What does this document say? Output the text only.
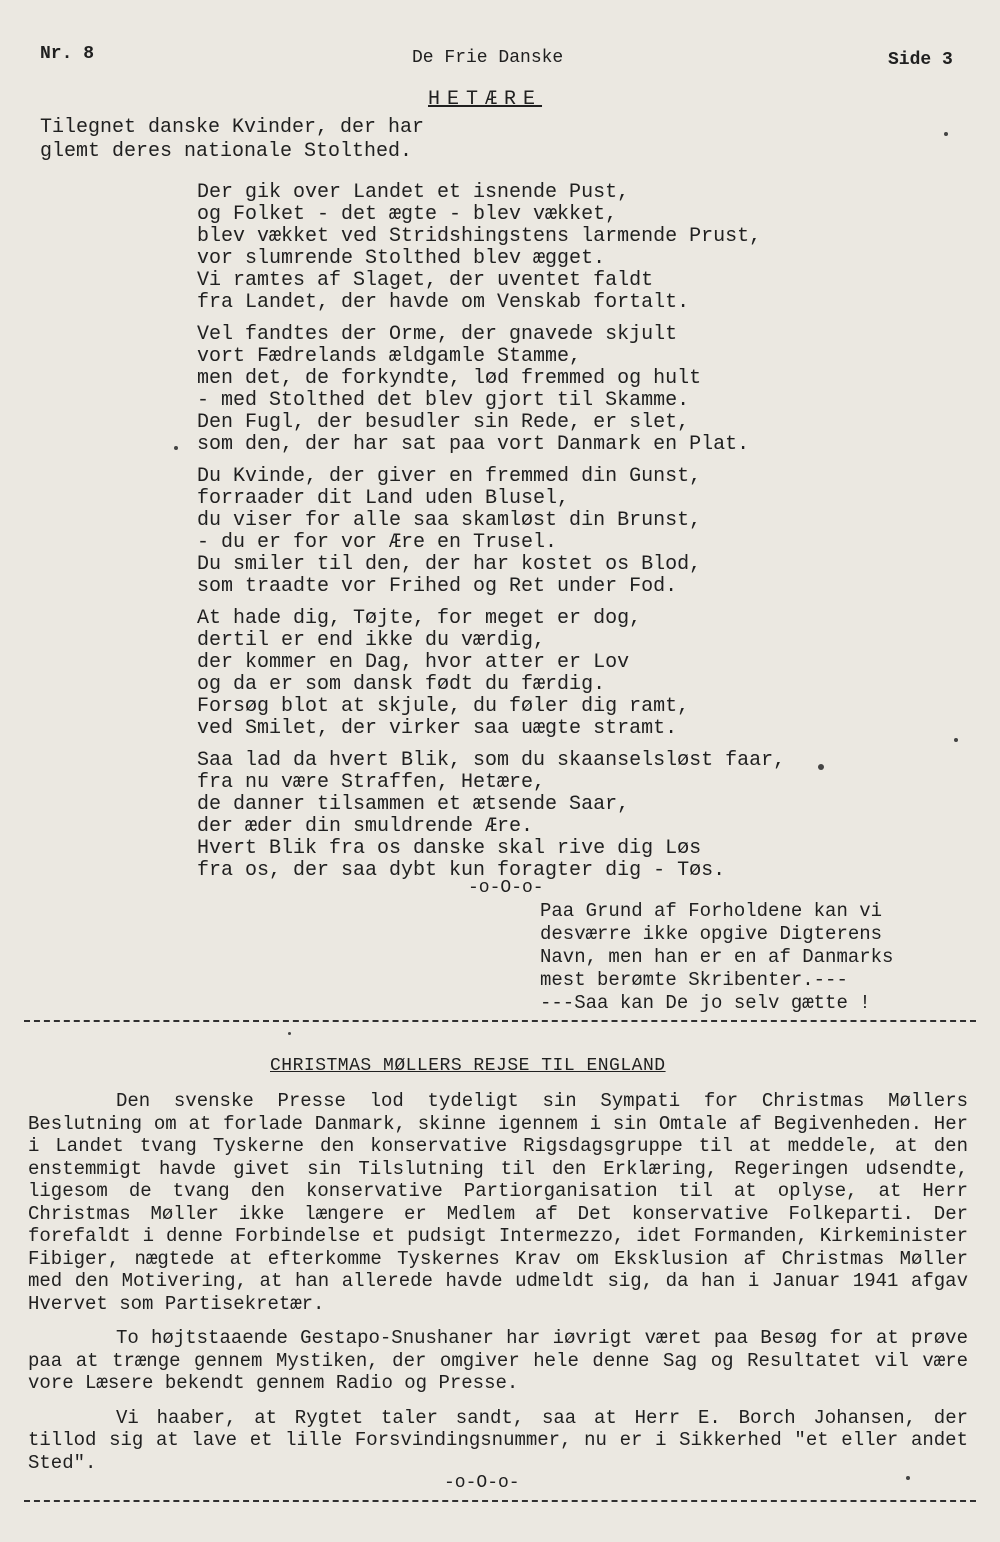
Nr. 8	De Frie Danske	Side 3
HETÆRE
Tilegnet danske Kvinder, der har
glemt deres nationale Stolthed.
Der gik over Landet et isnende Pust,
og Folket - det ægte - blev vækket,
blev vækket ved Stridshingstens larmende Prust,
vor slumrende Stolthed blev ægget.
Vi ramtes af Slaget, der uventet faldt
fra Landet, der havde om Venskab fortalt.
Vel fandtes der Orme, der gnavede skjult
vort Fædrelands ældgamle Stamme,
men det, de forkyndte, lød fremmed og hult
- med Stolthed det blev gjort til Skamme.
Den Fugl, der besudler sin Rede, er slet,
som den, der har sat paa vort Danmark en Plat.
Du Kvinde, der giver en fremmed din Gunst,
forraader dit Land uden Blusel,
du viser for alle saa skamløst din Brunst,
- du er for vor Ære en Trusel.
Du smiler til den, der har kostet os Blod,
som traadte vor Frihed og Ret under Fod.
At hade dig, Tøjte, for meget er dog,
dertil er end ikke du værdig,
der kommer en Dag, hvor atter er Lov
og da er som dansk født du færdig.
Forsøg blot at skjule, du føler dig ramt,
ved Smilet, der virker saa uægte stramt.
Saa lad da hvert Blik, som du skaanselsløst faar,
fra nu være Straffen, Hetære,
de danner tilsammen et ætsende Saar,
der æder din smuldrende Ære.
Hvert Blik fra os danske skal rive dig Løs
fra os, der saa dybt kun foragter dig - Tøs.
-o-O-o-
Paa Grund af Forholdene kan vi
desværre ikke opgive Digterens
Navn, men han er en af Danmarks
mest berømte Skribenter.---
---Saa kan De jo selv gætte !
CHRISTMAS MØLLERS REJSE TIL ENGLAND

Den svenske Presse lod tydeligt sin Sympati for Christmas Møllers Beslutning om at forlade Danmark, skinne igennem i sin Omtale af Begivenheden. Her i Landet tvang Tyskerne den konservative Rigsdagsgruppe til at meddele, at den enstemmigt havde givet sin Tilslutning til den Erklæring, Regeringen udsendte, ligesom de tvang den konservative Partiorganisation til at oplyse, at Herr Christmas Møller ikke længere er Medlem af Det konservative Folkeparti. Der forefaldt i denne Forbindelse et pudsigt Intermezzo, idet Formanden, Kirkeminister Fibiger, nægtede at efterkomme Tyskernes Krav om Eksklusion af Christmas Møller med den Motivering, at han allerede havde udmeldt sig, da han i Januar 1941 afgav Hvervet som Partisekretær.

To højtstaaende Gestapo-Snushaner har iøvrigt været paa Besøg for at prøve paa at trænge gennem Mystiken, der omgiver hele denne Sag og Resultatet vil være vore Læsere bekendt gennem Radio og Presse.

Vi haaber, at Rygtet taler sandt, saa at Herr E. Borch Johansen, der tillod sig at lave et lille Forsvindingsnummer, nu er i Sikkerhed "et eller andet Sted".

-o-O-o-
